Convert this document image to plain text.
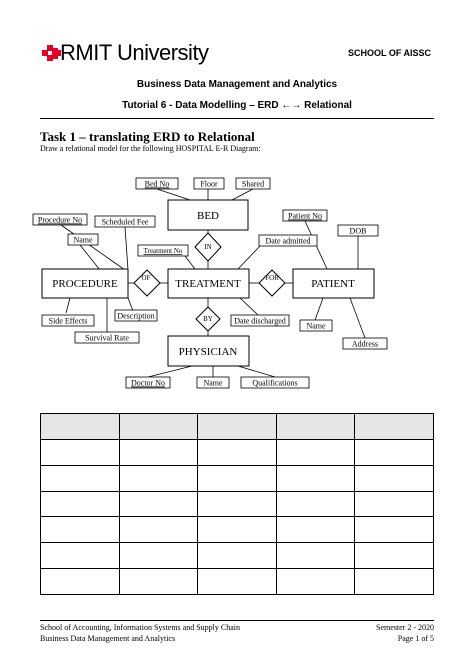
RMIT University	SCHOOL OF AISSC
Business Data Management and Analytics
Tutorial 6 - Data Modelling – ERD ←→ Relational
Task 1 – translating ERD to Relational
Draw a relational model for the following HOSPITAL E-R Diagram:
BED
PROCEDURE	TREATMENT	PATIENT
PHYSICIAN
IN
OF	FOR
BY
Bed No	Floor	Shared
Procedure No Scheduled Fee
Name
Treatment No
Date admitted
Patient No
DOB
Side Effects
Description
Survival Rate
Date discharged
Name
Address
Doctor No	Name	Qualifications

School of Accounting, Information Systems and Supply Chain
Business Data Management and Analytics
Semester 2 - 2020
Page 1 of 5
